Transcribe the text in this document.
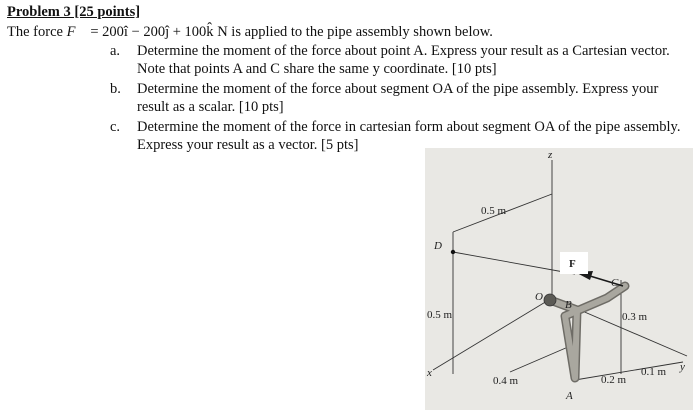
Problem 3 [25 points]
The force F⃗ = 200î − 200ĵ + 100k̂ N is applied to the pipe assembly shown below.
a. Determine the moment of the force about point A. Express your result as a Cartesian vector.
Note that points A and C share the same y coordinate. [10 pts]
b. Determine the moment of the force about segment OA of the pipe assembly. Express your
result as a scalar. [10 pts]
c. Determine the moment of the force in cartesian form about segment OA of the pipe assembly.
Express your result as a vector. [5 pts]
z
x	y
D
F
O
B
C
A
0.5 m
0.5 m	0.3 m
0.4 m	0.2 m
0.1 m
